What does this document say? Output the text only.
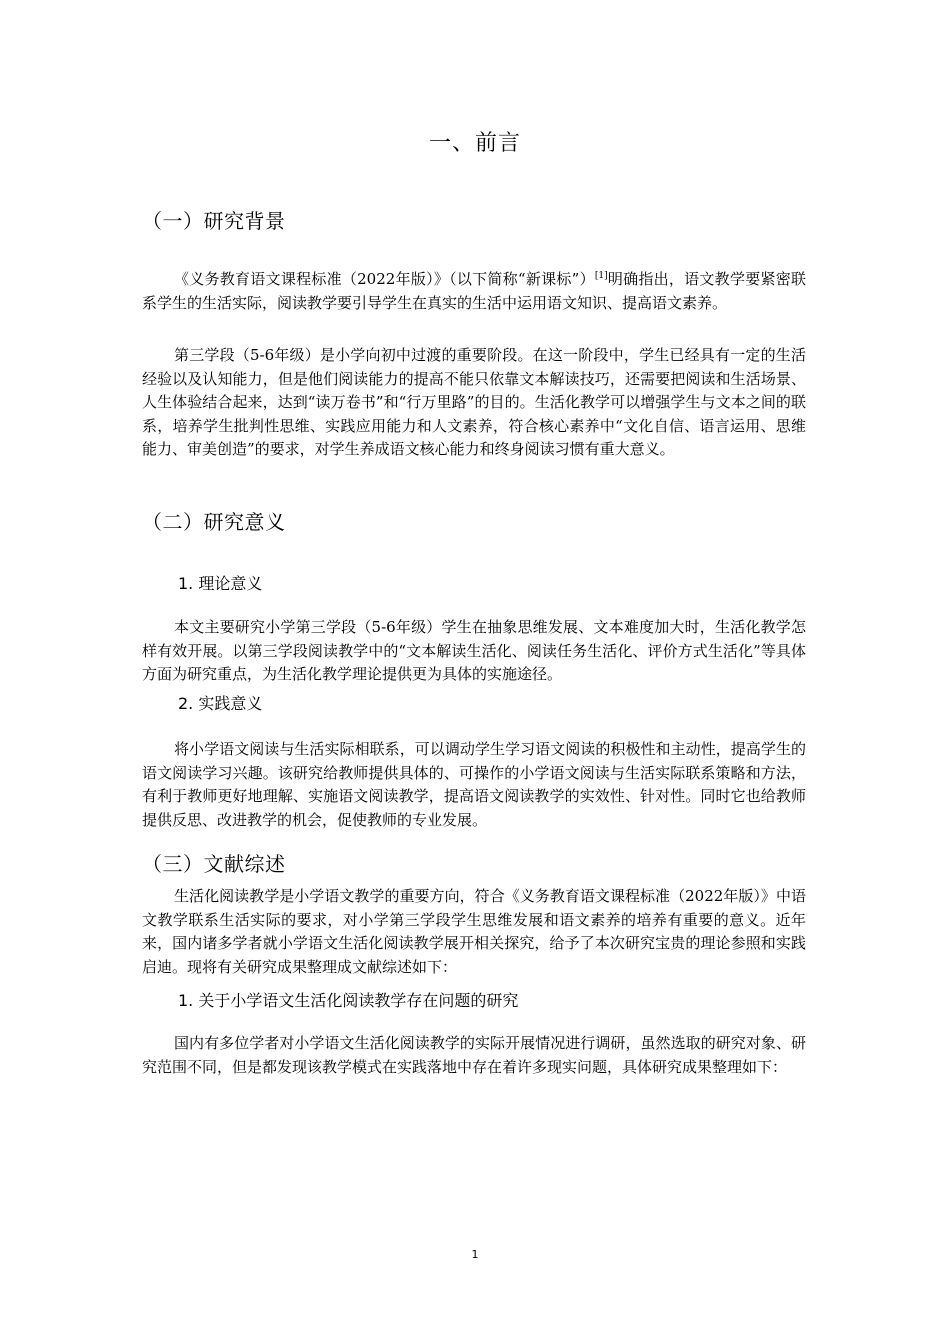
一、前言
（一）研究背景

《义务教育语文课程标准（2022年版）》（以下简称“新课标”）[1]明确指出，语文教学要紧密联系学生的生活实际，阅读教学要引导学生在真实的生活中运用语文知识、提高语文素养。

第三学段（5-6年级）是小学向初中过渡的重要阶段。在这一阶段中，学生已经具有一定的生活经验以及认知能力，但是他们阅读能力的提高不能只依靠文本解读技巧，还需要把阅读和生活场景、人生体验结合起来，达到“读万卷书”和“行万里路”的目的。生活化教学可以增强学生与文本之间的联系，培养学生批判性思维、实践应用能力和人文素养，符合核心素养中“文化自信、语言运用、思维能力、审美创造”的要求，对学生养成语文核心能力和终身阅读习惯有重大意义。

（二）研究意义
1. 理论意义

本文主要研究小学第三学段（5-6年级）学生在抽象思维发展、文本难度加大时，生活化教学怎样有效开展。以第三学段阅读教学中的“文本解读生活化、阅读任务生活化、评价方式生活化”等具体方面为研究重点，为生活化教学理论提供更为具体的实施途径。

2. 实践意义

将小学语文阅读与生活实际相联系，可以调动学生学习语文阅读的积极性和主动性，提高学生的语文阅读学习兴趣。该研究给教师提供具体的、可操作的小学语文阅读与生活实际联系策略和方法，有利于教师更好地理解、实施语文阅读教学，提高语文阅读教学的实效性、针对性。同时它也给教师提供反思、改进教学的机会，促使教师的专业发展。

（三）文献综述

生活化阅读教学是小学语文教学的重要方向，符合《义务教育语文课程标准（2022年版）》中语文教学联系生活实际的要求，对小学第三学段学生思维发展和语文素养的培养有重要的意义。近年来，国内诸多学者就小学语文生活化阅读教学展开相关探究，给予了本次研究宝贵的理论参照和实践启迪。现将有关研究成果整理成文献综述如下：

1. 关于小学语文生活化阅读教学存在问题的研究

国内有多位学者对小学语文生活化阅读教学的实际开展情况进行调研，虽然选取的研究对象、研究范围不同，但是都发现该教学模式在实践落地中存在着许多现实问题，具体研究成果整理如下：

1
